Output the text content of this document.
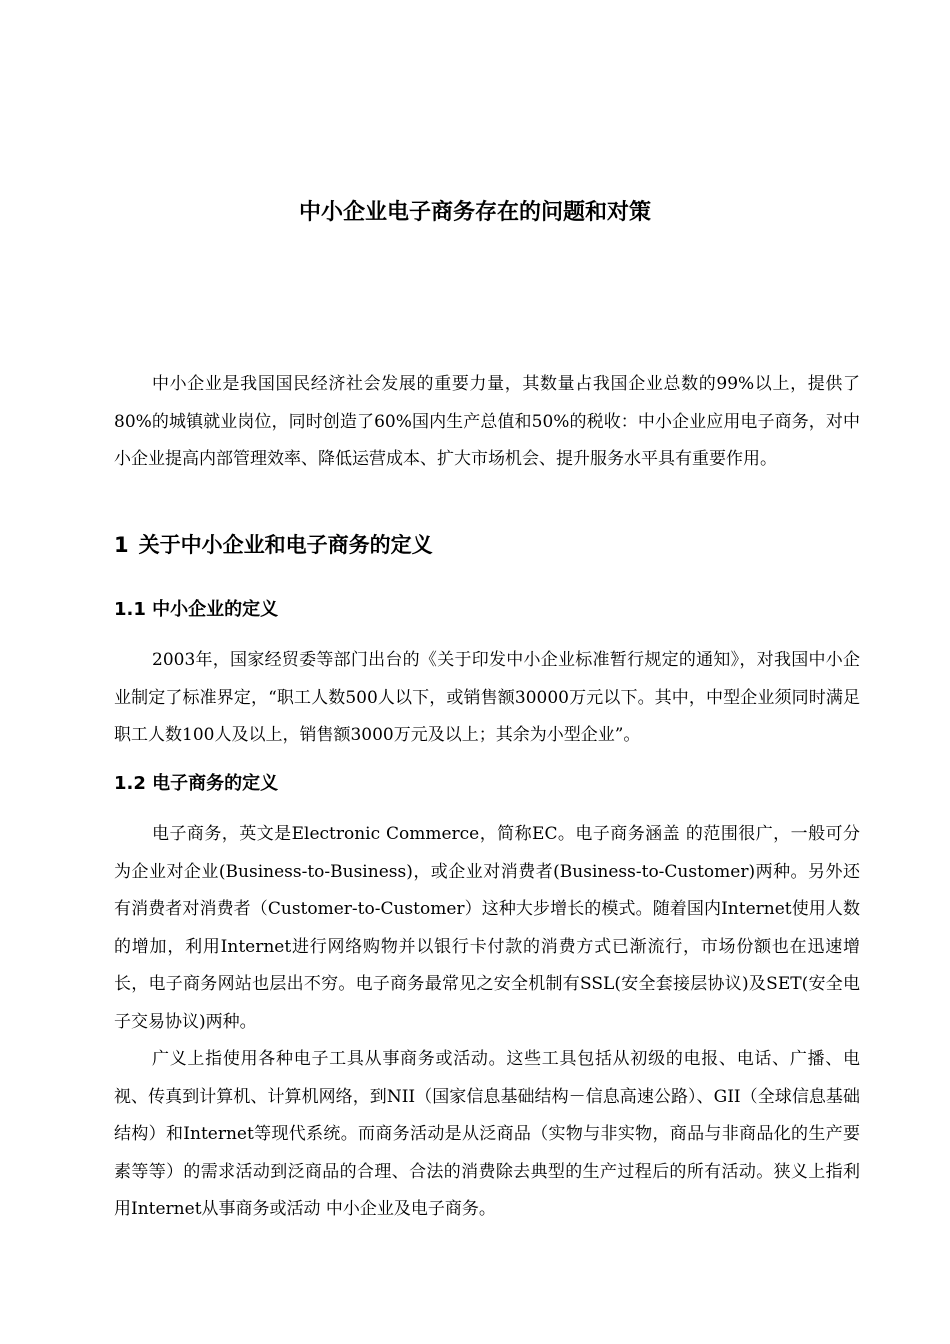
中小企业电子商务存在的问题和对策

中小企业是我国国民经济社会发展的重要力量，其数量占我国企业总数的99%以上，提供了80%的城镇就业岗位，同时创造了60%国内生产总值和50%的税收：中小企业应用电子商务，对中小企业提高内部管理效率、降低运营成本、扩大市场机会、提升服务水平具有重要作用。

1 关于中小企业和电子商务的定义
1.1 中小企业的定义

2003年，国家经贸委等部门出台的《关于印发中小企业标准暂行规定的通知》，对我国中小企业制定了标准界定，“职工人数500人以下，或销售额30000万元以下。其中，中型企业须同时满足职工人数100人及以上，销售额3000万元及以上；其余为小型企业”。

1.2 电子商务的定义

电子商务，英文是Electronic Commerce，简称EC。电子商务涵盖 的范围很广，一般可分为企业对企业(Business-to-Business)，或企业对消费者(Business-to-Customer)两种。另外还有消费者对消费者（Customer-to-Customer）这种大步增长的模式。随着国内Internet使用人数的增加，利用Internet进行网络购物并以银行卡付款的消费方式已渐流行，市场份额也在迅速增长，电子商务网站也层出不穷。电子商务最常见之安全机制有SSL(安全套接层协议)及SET(安全电子交易协议)两种。

广义上指使用各种电子工具从事商务或活动。这些工具包括从初级的电报、电话、广播、电视、传真到计算机、计算机网络，到NII（国家信息基础结构－信息高速公路）、GII（全球信息基础结构）和Internet等现代系统。而商务活动是从泛商品（实物与非实物，商品与非商品化的生产要素等等）的需求活动到泛商品的合理、合法的消费除去典型的生产过程后的所有活动。狭义上指利用Internet从事商务或活动 中小企业及电子商务。
